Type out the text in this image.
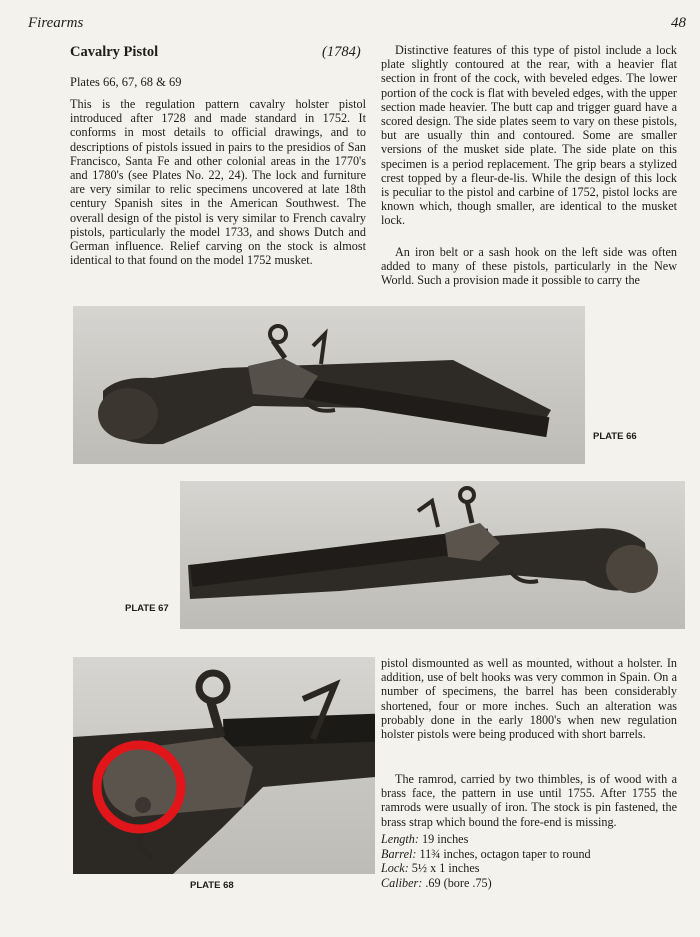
Firearms	48
Cavalry Pistol	(1784)
Plates 66, 67, 68 & 69

This is the regulation pattern cavalry holster pistol introduced after 1728 and made standard in 1752. It conforms in most details to official drawings, and to descriptions of pistols issued in pairs to the presidios of San Francisco, Santa Fe and other colonial areas in the 1770's and 1780's (see Plates No. 22, 24). The lock and furniture are very similar to relic specimens uncovered at late 18th century Spanish sites in the American Southwest. The overall design of the pistol is very similar to French cavalry pistols, particularly the model 1733, and shows Dutch and German influence. Relief carving on the stock is almost identical to that found on the model 1752 musket.

Distinctive features of this type of pistol include a lock plate slightly contoured at the rear, with a heavier flat section in front of the cock, with beveled edges. The lower portion of the cock is flat with beveled edges, with the upper section made heavier. The butt cap and trigger guard have a scored design. The side plates seem to vary on these pistols, but are usually thin and contoured. Some are smaller versions of the musket side plate. The side plate on this specimen is a period replacement. The grip bears a stylized crest topped by a fleur-de-lis. While the design of this lock is peculiar to the pistol and carbine of 1752, pistol locks are known which, though smaller, are identical to the musket lock.

An iron belt or a sash hook on the left side was often added to many of these pistols, particularly in the New World. Such a provision made it possible to carry the

PLATE 66
PLATE 67
PLATE 68

pistol dismounted as well as mounted, without a holster. In addition, use of belt hooks was very common in Spain. On a number of specimens, the barrel has been considerably shortened, four or more inches. Such an alteration was probably done in the early 1800's when new regulation holster pistols were being produced with short barrels.

The ramrod, carried by two thimbles, is of wood with a brass face, the pattern in use until 1755. After 1755 the ramrods were usually of iron. The stock is pin fastened, the brass strap which bound the fore-end is missing.

Length: 19 inches
Barrel: 11¾ inches, octagon taper to round
Lock: 5½ x 1 inches
Caliber: .69 (bore .75)
